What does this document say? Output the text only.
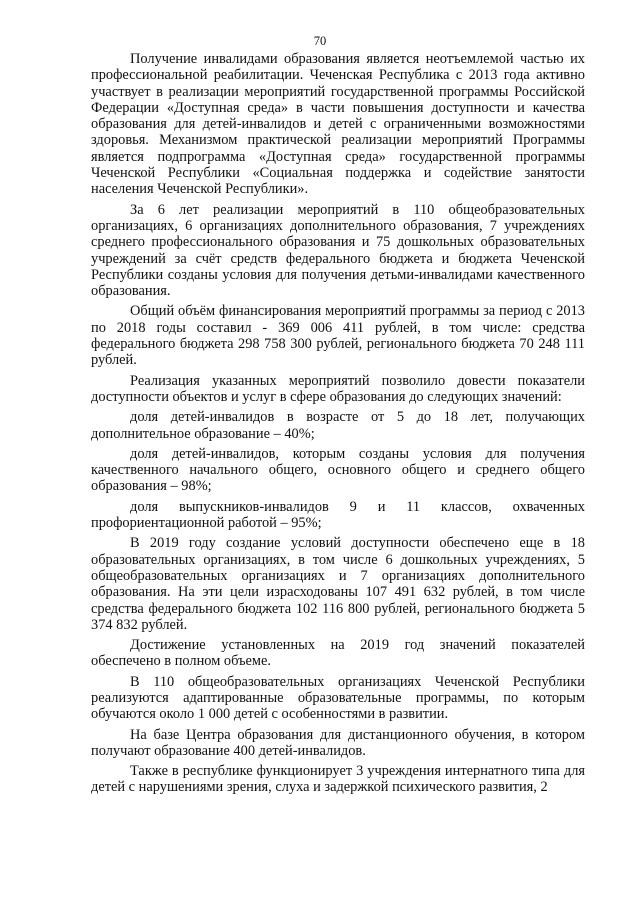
70

Получение инвалидами образования является неотъемлемой частью их профессиональной реабилитации. Чеченская Республика с 2013 года активно участвует в реализации мероприятий государственной программы Российской Федерации «Доступная среда» в части повышения доступности и качества образования для детей-инвалидов и детей с ограниченными возможностями здоровья. Механизмом практической реализации мероприятий Программы является подпрограмма «Доступная среда» государственной программы Чеченской Республики «Социальная поддержка и содействие занятости населения Чеченской Республики».

За 6 лет реализации мероприятий в 110 общеобразовательных организациях, 6 организациях дополнительного образования, 7 учреждениях среднего профессионального образования и 75 дошкольных образовательных учреждений за счёт средств федерального бюджета и бюджета Чеченской Республики созданы условия для получения детьми-инвалидами качественного образования.

Общий объём финансирования мероприятий программы за период с 2013 по 2018 годы составил - 369 006 411 рублей, в том числе: средства федерального бюджета 298 758 300 рублей, регионального бюджета 70 248 111 рублей.

Реализация указанных мероприятий позволило довести показатели доступности объектов и услуг в сфере образования до следующих значений:

доля детей-инвалидов в возрасте от 5 до 18 лет, получающих дополнительное образование – 40%;

доля детей-инвалидов, которым созданы условия для получения качественного начального общего, основного общего и среднего общего образования – 98%;

доля выпускников-инвалидов 9 и 11 классов, охваченных профориентационной работой – 95%;

В 2019 году создание условий доступности обеспечено еще в 18 образовательных организациях, в том числе 6 дошкольных учреждениях, 5 общеобразовательных организациях и 7 организациях дополнительного образования. На эти цели израсходованы 107 491 632 рублей, в том числе средства федерального бюджета 102 116 800 рублей, регионального бюджета 5 374 832 рублей.

Достижение установленных на 2019 год значений показателей обеспечено в полном объеме.

В 110 общеобразовательных организациях Чеченской Республики реализуются адаптированные образовательные программы, по которым обучаются около 1 000 детей с особенностями в развитии.

На базе Центра образования для дистанционного обучения, в котором получают образование 400 детей-инвалидов.

Также в республике функционирует 3 учреждения интернатного типа для детей с нарушениями зрения, слуха и задержкой психического развития, 2
